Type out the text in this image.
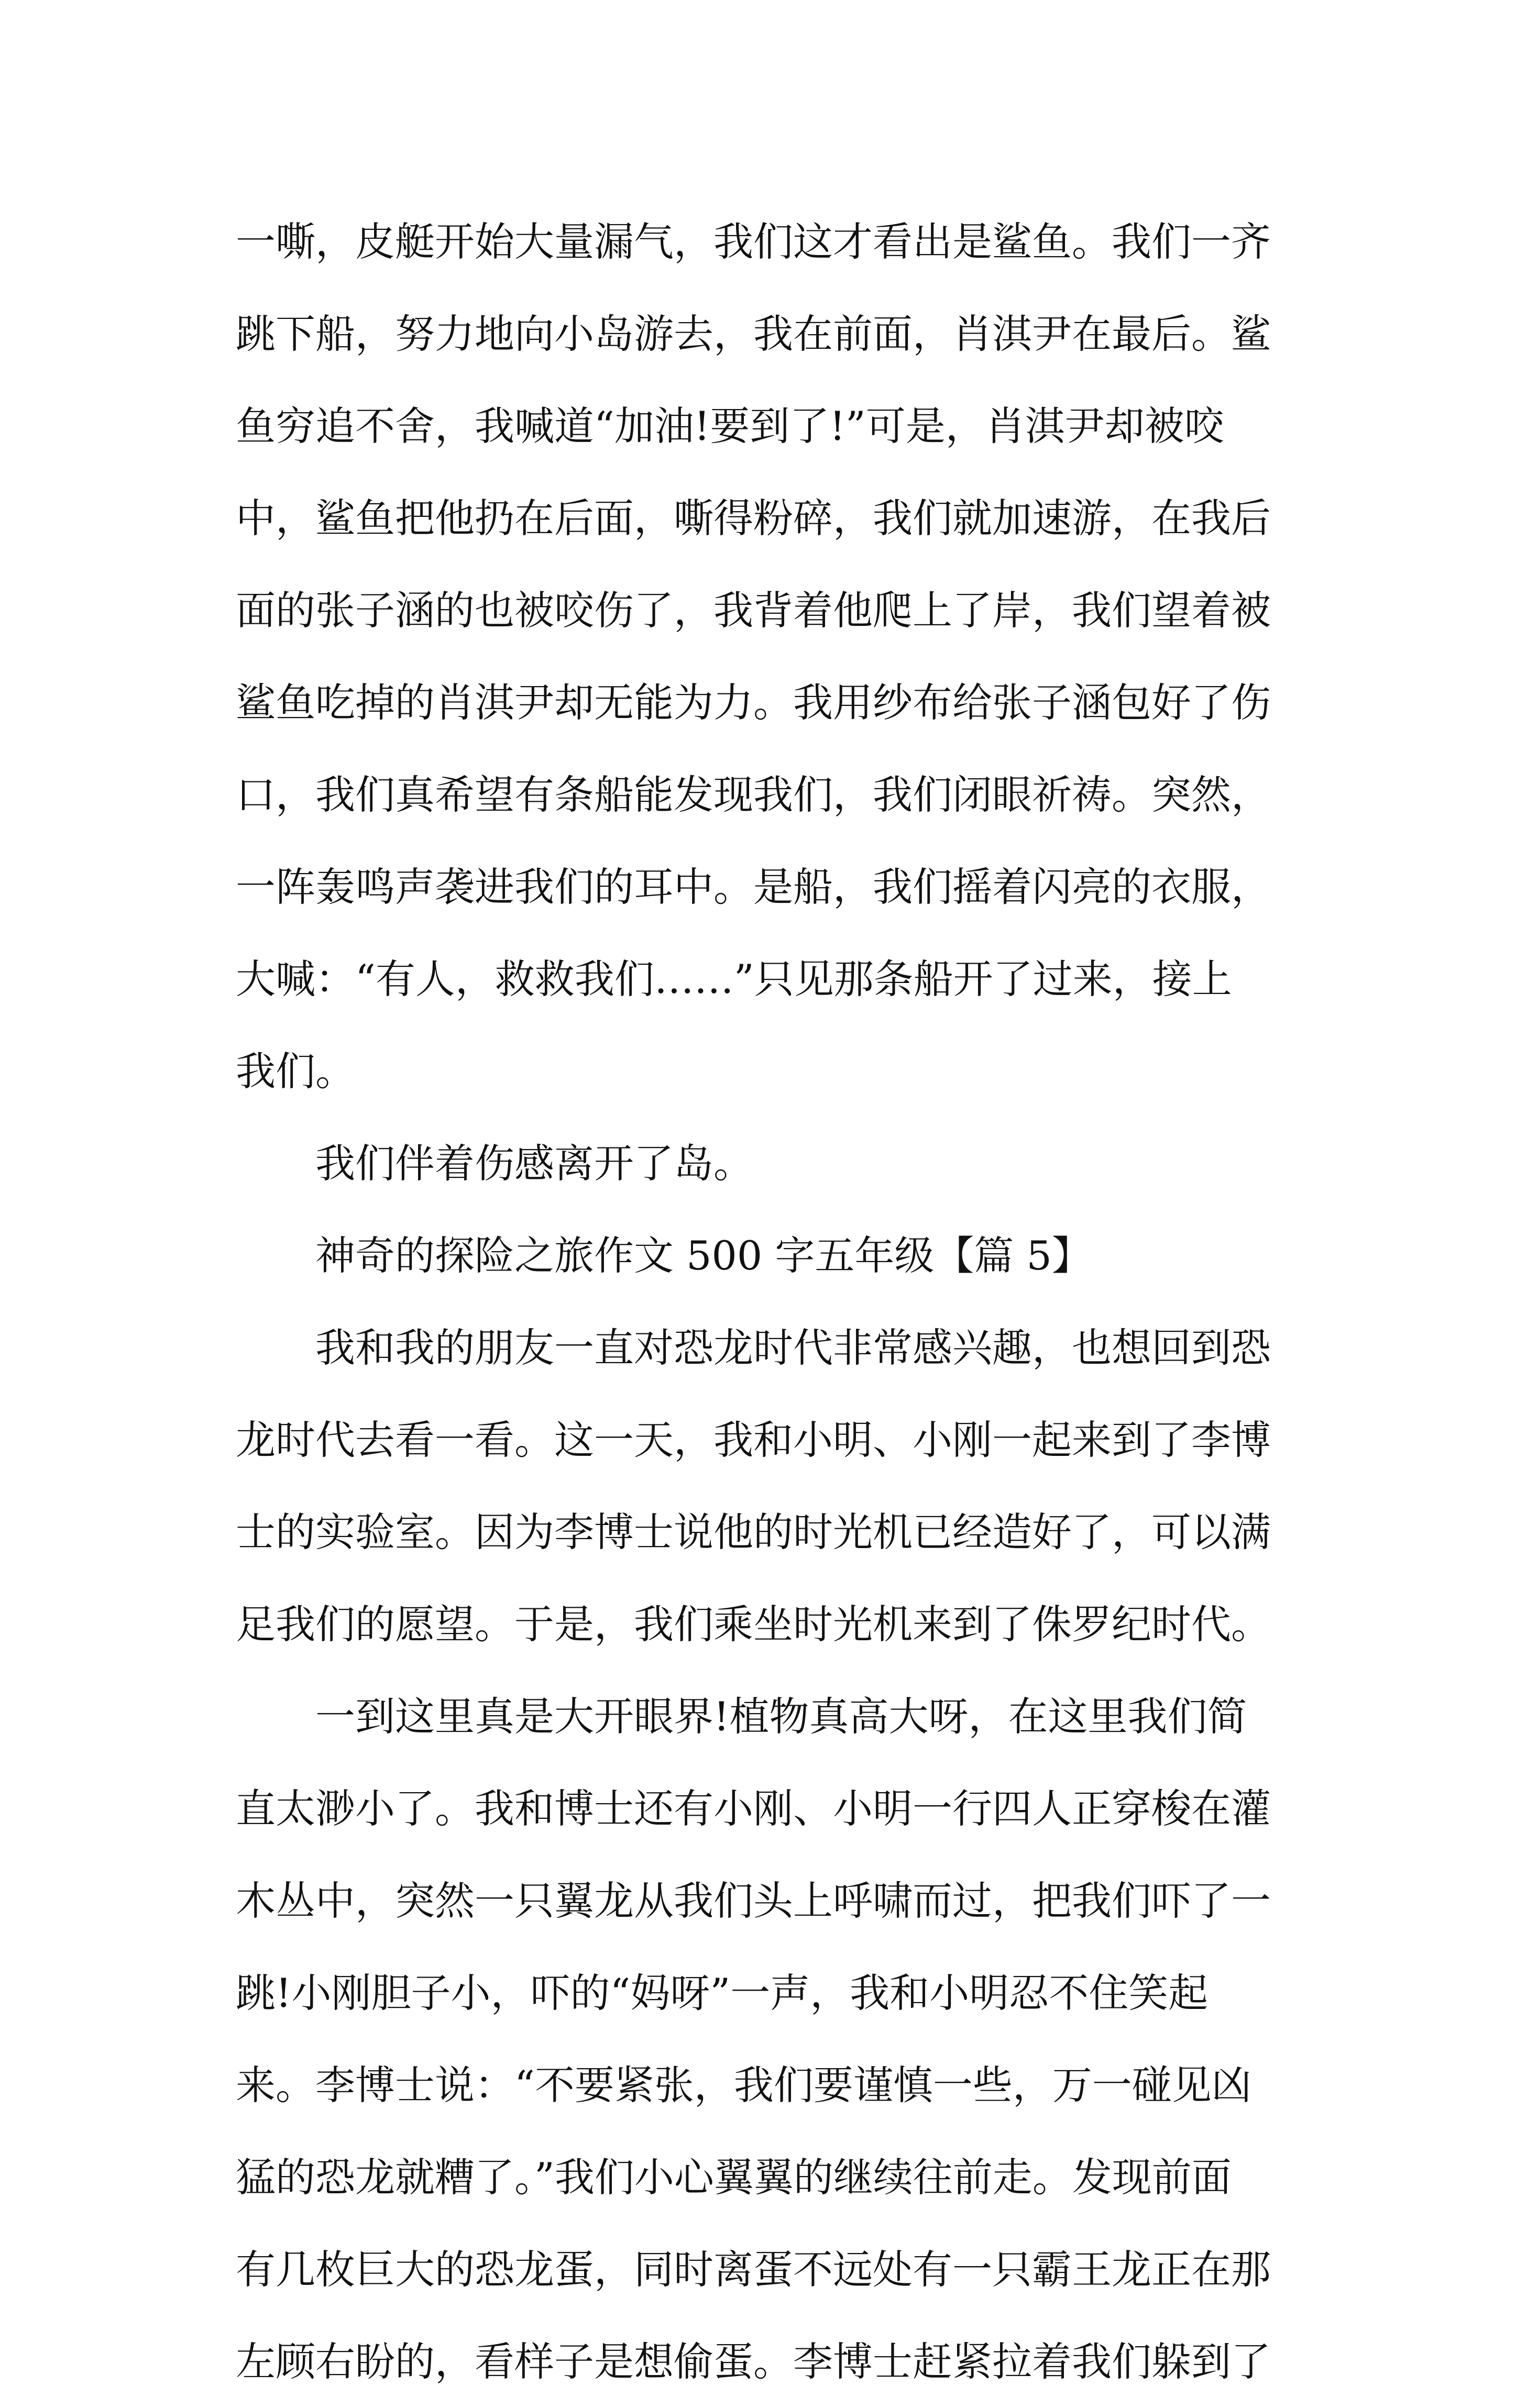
一嘶，皮艇开始大量漏气，我们这才看出是鲨鱼。我们一齐
跳下船，努力地向小岛游去，我在前面，肖淇尹在最后。鲨
鱼穷追不舍，我喊道“加油!要到了!”可是，肖淇尹却被咬
中，鲨鱼把他扔在后面，嘶得粉碎，我们就加速游，在我后
面的张子涵的也被咬伤了，我背着他爬上了岸，我们望着被
鲨鱼吃掉的肖淇尹却无能为力。我用纱布给张子涵包好了伤
口，我们真希望有条船能发现我们，我们闭眼祈祷。突然，
一阵轰鸣声袭进我们的耳中。是船，我们摇着闪亮的衣服，
大喊：“有人，救救我们……”只见那条船开了过来，接上
我们。
我们伴着伤感离开了岛。
神奇的探险之旅作文 500 字五年级【篇 5】
我和我的朋友一直对恐龙时代非常感兴趣，也想回到恐
龙时代去看一看。这一天，我和小明、小刚一起来到了李博
士的实验室。因为李博士说他的时光机已经造好了，可以满
足我们的愿望。于是，我们乘坐时光机来到了侏罗纪时代。
一到这里真是大开眼界!植物真高大呀，在这里我们简
直太渺小了。我和博士还有小刚、小明一行四人正穿梭在灌
木丛中，突然一只翼龙从我们头上呼啸而过，把我们吓了一
跳!小刚胆子小，吓的“妈呀”一声，我和小明忍不住笑起
来。李博士说：“不要紧张，我们要谨慎一些，万一碰见凶
猛的恐龙就糟了。”我们小心翼翼的继续往前走。发现前面
有几枚巨大的恐龙蛋，同时离蛋不远处有一只霸王龙正在那
左顾右盼的，看样子是想偷蛋。李博士赶紧拉着我们躲到了
